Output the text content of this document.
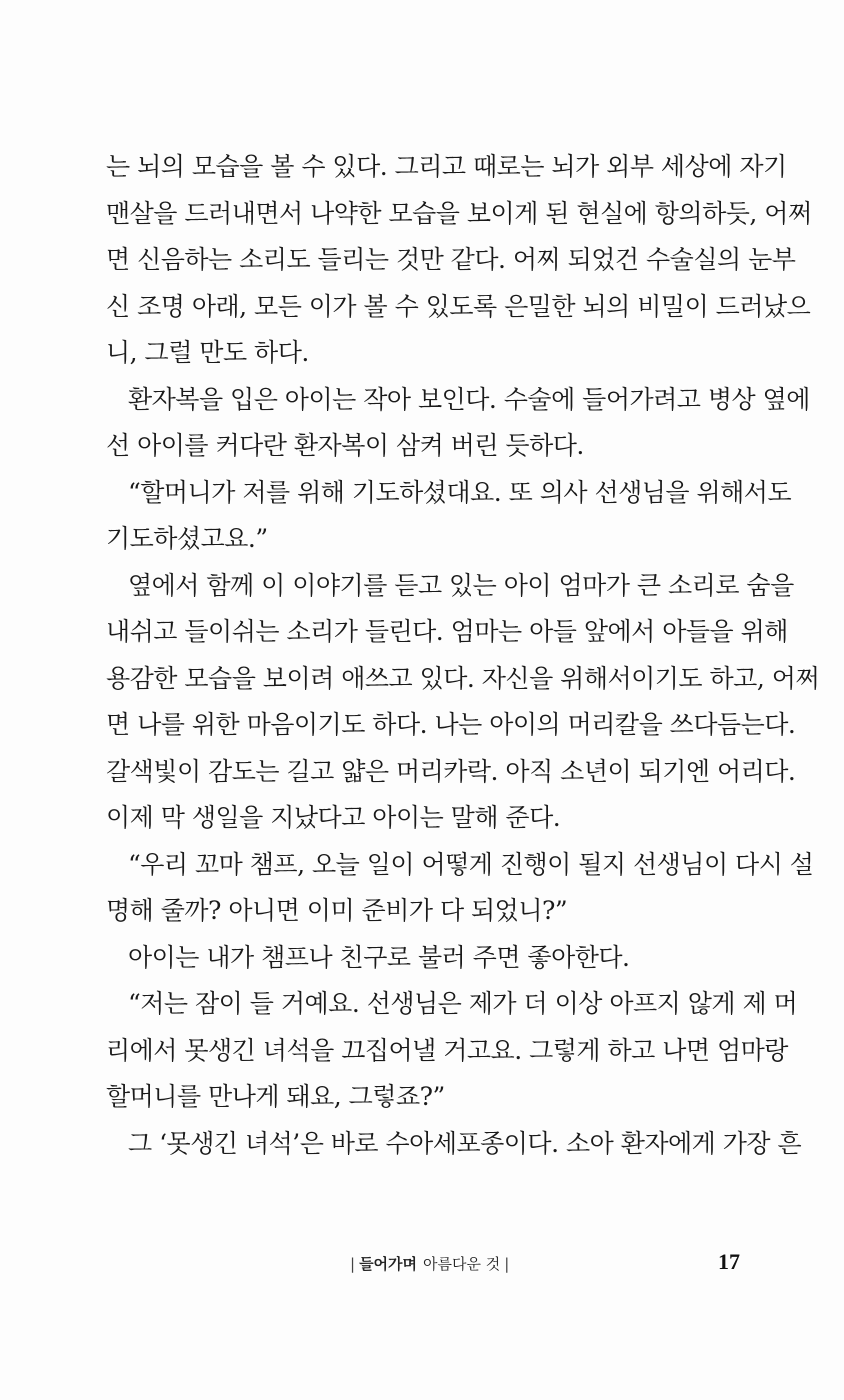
는 뇌의 모습을 볼 수 있다. 그리고 때로는 뇌가 외부 세상에 자기
맨살을 드러내면서 나약한 모습을 보이게 된 현실에 항의하듯, 어쩌
면 신음하는 소리도 들리는 것만 같다. 어찌 되었건 수술실의 눈부
신 조명 아래, 모든 이가 볼 수 있도록 은밀한 뇌의 비밀이 드러났으
니, 그럴 만도 하다.
환자복을 입은 아이는 작아 보인다. 수술에 들어가려고 병상 옆에
선 아이를 커다란 환자복이 삼켜 버린 듯하다.
“할머니가 저를 위해 기도하셨대요. 또 의사 선생님을 위해서도
기도하셨고요.”
옆에서 함께 이 이야기를 듣고 있는 아이 엄마가 큰 소리로 숨을
내쉬고 들이쉬는 소리가 들린다. 엄마는 아들 앞에서 아들을 위해
용감한 모습을 보이려 애쓰고 있다. 자신을 위해서이기도 하고, 어쩌
면 나를 위한 마음이기도 하다. 나는 아이의 머리칼을 쓰다듬는다.
갈색빛이 감도는 길고 얇은 머리카락. 아직 소년이 되기엔 어리다.
이제 막 생일을 지났다고 아이는 말해 준다.
“우리 꼬마 챔프, 오늘 일이 어떻게 진행이 될지 선생님이 다시 설
명해 줄까? 아니면 이미 준비가 다 되었니?”
아이는 내가 챔프나 친구로 불러 주면 좋아한다.
“저는 잠이 들 거예요. 선생님은 제가 더 이상 아프지 않게 제 머
리에서 못생긴 녀석을 끄집어낼 거고요. 그렇게 하고 나면 엄마랑
할머니를 만나게 돼요, 그렇죠?”
그 ‘못생긴 녀석’은 바로 수아세포종이다. 소아 환자에게 가장 흔
| 들어가며 아름다운 것 |	17
